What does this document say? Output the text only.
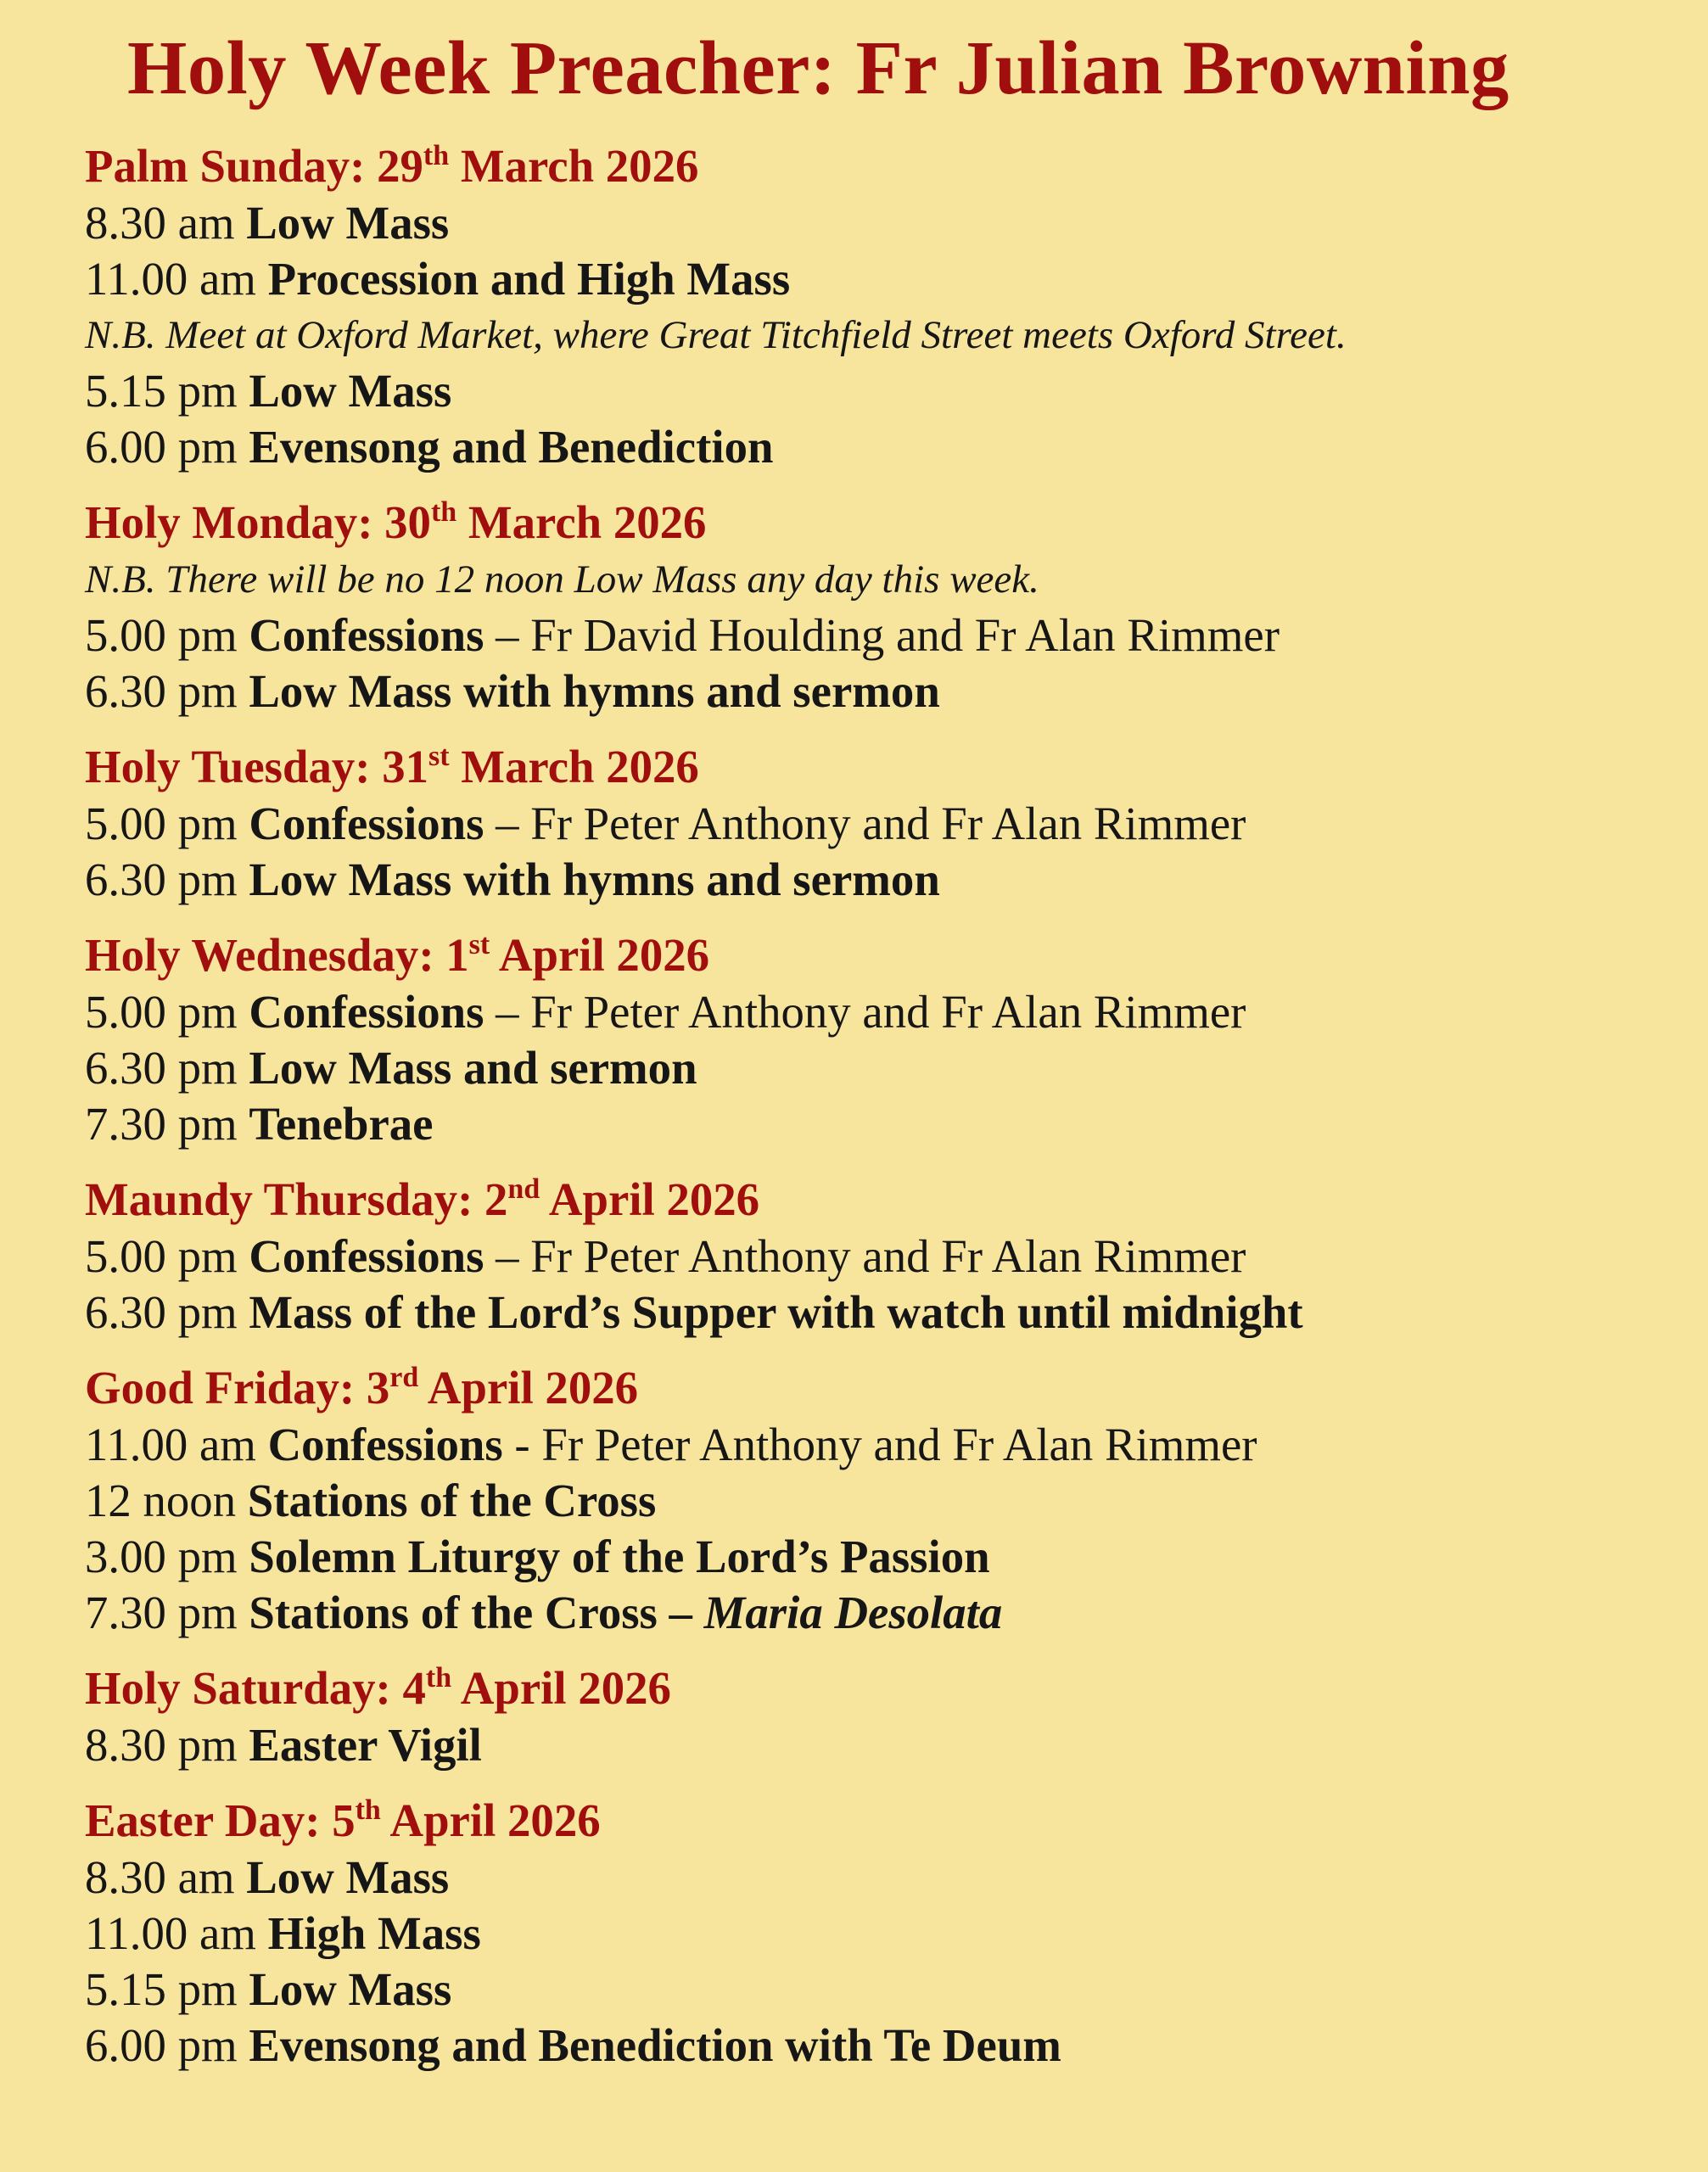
Holy Week Preacher: Fr Julian Browning
Palm Sunday: 29th March 2026
8.30 am Low Mass
11.00 am Procession and High Mass
N.B. Meet at Oxford Market, where Great Titchfield Street meets Oxford Street.
5.15 pm Low Mass
6.00 pm Evensong and Benediction
Holy Monday: 30th March 2026
N.B. There will be no 12 noon Low Mass any day this week.
5.00 pm Confessions – Fr David Houlding and Fr Alan Rimmer
6.30 pm Low Mass with hymns and sermon
Holy Tuesday: 31st March 2026
5.00 pm Confessions – Fr Peter Anthony and Fr Alan Rimmer
6.30 pm Low Mass with hymns and sermon
Holy Wednesday: 1st April 2026
5.00 pm Confessions – Fr Peter Anthony and Fr Alan Rimmer
6.30 pm Low Mass and sermon
7.30 pm Tenebrae
Maundy Thursday: 2nd April 2026
5.00 pm Confessions – Fr Peter Anthony and Fr Alan Rimmer
6.30 pm Mass of the Lord’s Supper with watch until midnight
Good Friday: 3rd April 2026
11.00 am Confessions - Fr Peter Anthony and Fr Alan Rimmer
12 noon Stations of the Cross
3.00 pm Solemn Liturgy of the Lord’s Passion
7.30 pm Stations of the Cross – Maria Desolata
Holy Saturday: 4th April 2026
8.30 pm Easter Vigil
Easter Day: 5th April 2026
8.30 am Low Mass
11.00 am High Mass
5.15 pm Low Mass
6.00 pm Evensong and Benediction with Te Deum
